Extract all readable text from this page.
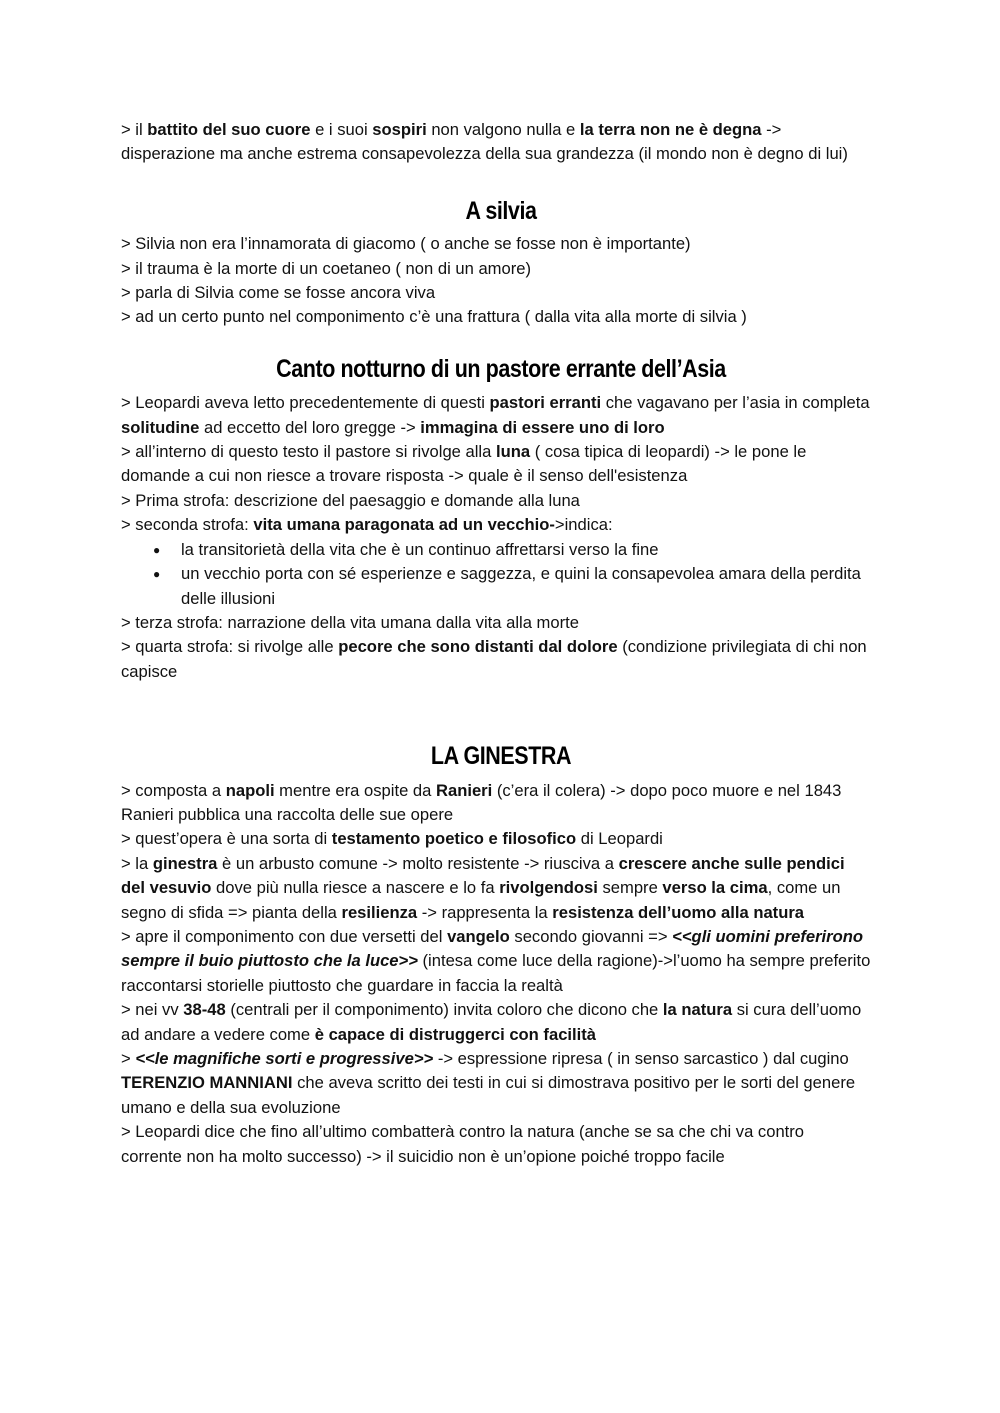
> il battito del suo cuore e i suoi sospiri non valgono nulla e la terra non ne è degna -> disperazione ma anche estrema consapevolezza della sua grandezza (il mondo non è degno di lui)

A silvia

> Silvia non era l’innamorata di giacomo ( o anche se fosse non è importante)

> il trauma è la morte di un coetaneo ( non di un amore)

> parla di Silvia come se fosse ancora viva

> ad un certo punto nel componimento c’è una frattura ( dalla vita alla morte di silvia )

Canto notturno di un pastore errante dell’Asia

> Leopardi aveva letto precedentemente di questi pastori erranti che vagavano per l’asia in completa solitudine ad eccetto del loro gregge -> immagina di essere uno di loro

> all’interno di questo testo il pastore si rivolge alla luna ( cosa tipica di leopardi) -> le pone le domande a cui non riesce a trovare risposta -> quale è il senso dell'esistenza

> Prima strofa: descrizione del paesaggio e domande alla luna

> seconda strofa: vita umana paragonata ad un vecchio->indica:

● la transitorietà della vita che è un continuo affrettarsi verso la fine
● un vecchio porta con sé esperienze e saggezza, e quini la consapevolea amara della perdita delle illusioni

> terza strofa: narrazione della vita umana dalla vita alla morte

> quarta strofa: si rivolge alle pecore che sono distanti dal dolore (condizione privilegiata di chi non capisce

LA GINESTRA

> composta a napoli mentre era ospite da Ranieri (c’era il colera) -> dopo poco muore e nel 1843 Ranieri pubblica una raccolta delle sue opere

> quest’opera è una sorta di testamento poetico e filosofico di Leopardi

> la ginestra è un arbusto comune -> molto resistente -> riusciva a crescere anche sulle pendici del vesuvio dove più nulla riesce a nascere e lo fa rivolgendosi sempre verso la cima, come un segno di sfida => pianta della resilienza -> rappresenta la resistenza dell’uomo alla natura

> apre il componimento con due versetti del vangelo secondo giovanni => <<gli uomini preferirono sempre il buio piuttosto che la luce>> (intesa come luce della ragione)->l’uomo ha sempre preferito raccontarsi storielle piuttosto che guardare in faccia la realtà

> nei vv 38-48 (centrali per il componimento) invita coloro che dicono che la natura si cura dell’uomo ad andare a vedere come è capace di distruggerci con facilità

> <<le magnifiche sorti e progressive>> -> espressione ripresa ( in senso sarcastico ) dal cugino TERENZIO MANNIANI che aveva scritto dei testi in cui si dimostrava positivo per le sorti del genere umano e della sua evoluzione

> Leopardi dice che fino all’ultimo combatterà contro la natura (anche se sa che chi va contro corrente non ha molto successo) -> il suicidio non è un’opione poiché troppo facile
